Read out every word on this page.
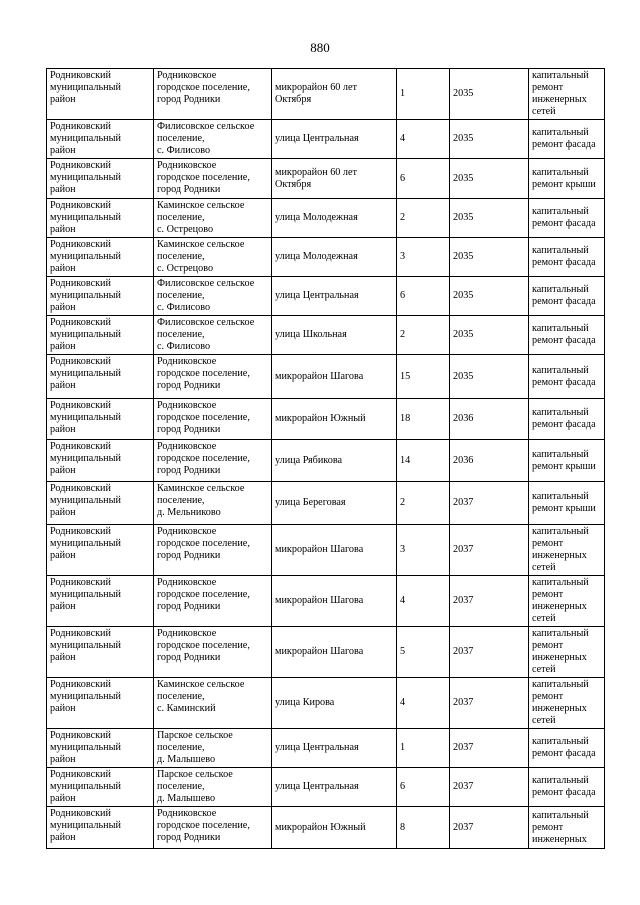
880
Родниковский
муниципальный
район	Родниковское
городское поселение,
город Родники	микрорайон 60 лет
Октября	1	2035	капитальный
ремонт
инженерных
сетей

Родниковский
муниципальный
район	Филисовское сельское
поселение,
с. Филисово	улица Центральная	4	2035	капитальный
ремонт фасада

Родниковский
муниципальный
район	Родниковское
городское поселение,
город Родники	микрорайон 60 лет
Октября	6	2035	капитальный
ремонт крыши

Родниковский
муниципальный
район	Каминское сельское
поселение,
с. Острецово	улица Молодежная	2	2035	капитальный
ремонт фасада

Родниковский
муниципальный
район	Каминское сельское
поселение,
с. Острецово	улица Молодежная	3	2035	капитальный
ремонт фасада

Родниковский
муниципальный
район	Филисовское сельское
поселение,
с. Филисово	улица Центральная	6	2035	капитальный
ремонт фасада

Родниковский
муниципальный
район	Филисовское сельское
поселение,
с. Филисово	улица Школьная	2	2035	капитальный
ремонт фасада

Родниковский
муниципальный
район	Родниковское
городское поселение,
город Родники	микрорайон Шагова	15	2035	капитальный
ремонт фасада

Родниковский
муниципальный
район	Родниковское
городское поселение,
город Родники	микрорайон Южный	18	2036	капитальный
ремонт фасада

Родниковский
муниципальный
район	Родниковское
городское поселение,
город Родники	улица Рябикова	14	2036	капитальный
ремонт крыши

Родниковский
муниципальный
район	Каминское сельское
поселение,
д. Мельниково	улица Береговая	2	2037	капитальный
ремонт крыши

Родниковский
муниципальный
район	Родниковское
городское поселение,
город Родники	микрорайон Шагова	3	2037	капитальный
ремонт
инженерных
сетей

Родниковский
муниципальный
район	Родниковское
городское поселение,
город Родники	микрорайон Шагова	4	2037	капитальный
ремонт
инженерных
сетей

Родниковский
муниципальный
район	Родниковское
городское поселение,
город Родники	микрорайон Шагова	5	2037	капитальный
ремонт
инженерных
сетей

Родниковский
муниципальный
район	Каминское сельское
поселение,
с. Каминский	улица Кирова	4	2037	капитальный
ремонт
инженерных
сетей

Родниковский
муниципальный
район	Парское сельское
поселение,
д. Малышево	улица Центральная	1	2037	капитальный
ремонт фасада

Родниковский
муниципальный
район	Парское сельское
поселение,
д. Малышево	улица Центральная	6	2037	капитальный
ремонт фасада

Родниковский
муниципальный
район	Родниковское
городское поселение,
город Родники	микрорайон Южный	8	2037	капитальный
ремонт
инженерных
